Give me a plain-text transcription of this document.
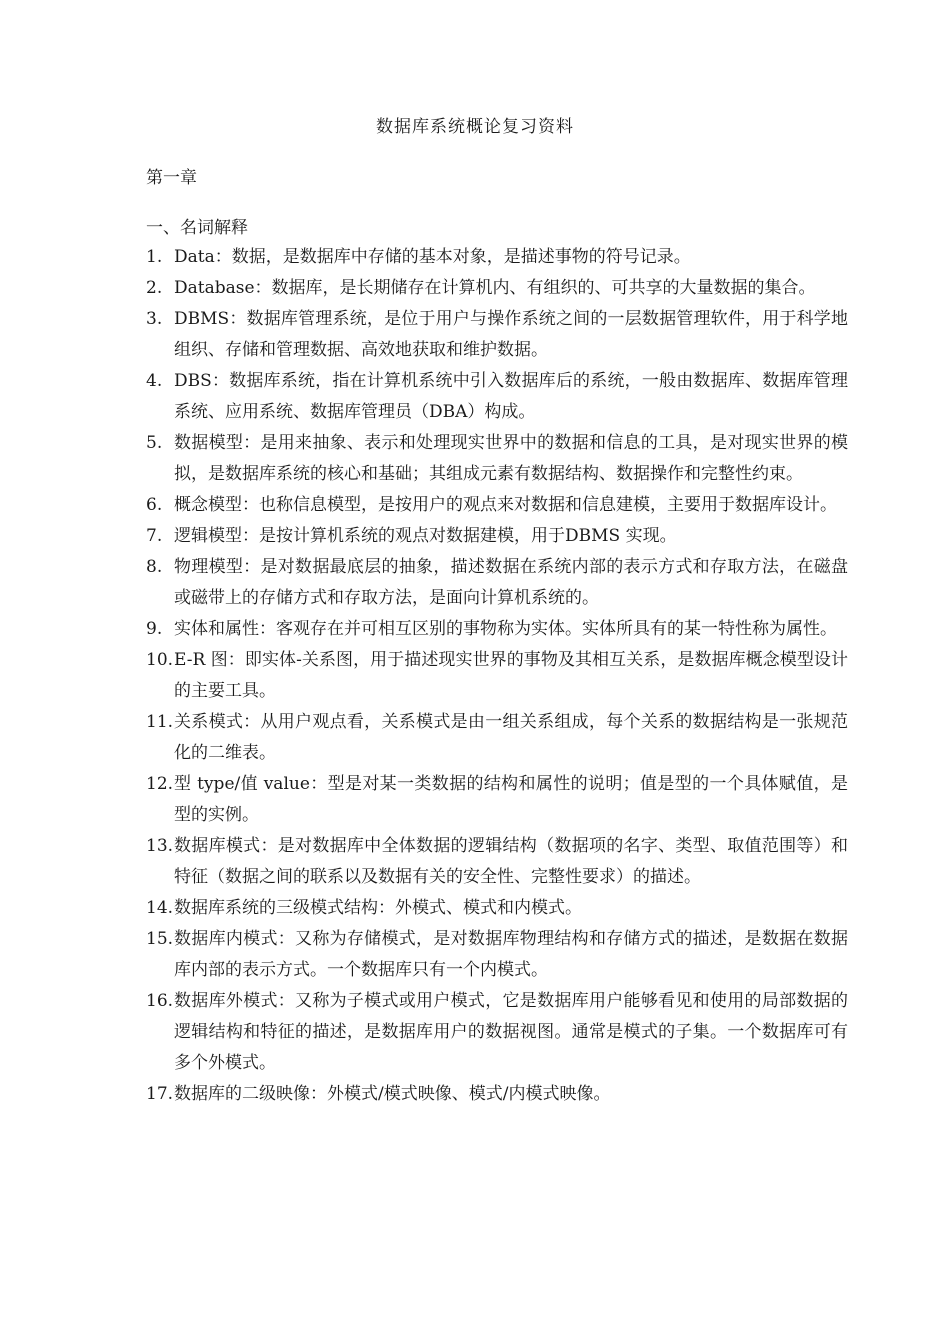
数据库系统概论复习资料
第一章
一、名词解释
1. Data：数据，是数据库中存储的基本对象，是描述事物的符号记录。
2. Database：数据库，是长期储存在计算机内、有组织的、可共享的大量数据的集合。
3. DBMS：数据库管理系统，是位于用户与操作系统之间的一层数据管理软件，用于科学地组织、存储和管理数据、高效地获取和维护数据。
4. DBS：数据库系统，指在计算机系统中引入数据库后的系统，一般由数据库、数据库管理系统、应用系统、数据库管理员（DBA）构成。
5. 数据模型：是用来抽象、表示和处理现实世界中的数据和信息的工具，是对现实世界的模拟，是数据库系统的核心和基础；其组成元素有数据结构、数据操作和完整性约束。
6. 概念模型：也称信息模型，是按用户的观点来对数据和信息建模，主要用于数据库设计。
7. 逻辑模型：是按计算机系统的观点对数据建模，用于DBMS 实现。
8. 物理模型：是对数据最底层的抽象，描述数据在系统内部的表示方式和存取方法，在磁盘或磁带上的存储方式和存取方法，是面向计算机系统的。
9. 实体和属性：客观存在并可相互区别的事物称为实体。实体所具有的某一特性称为属性。
10. E-R 图：即实体-关系图，用于描述现实世界的事物及其相互关系，是数据库概念模型设计的主要工具。
11. 关系模式：从用户观点看，关系模式是由一组关系组成，每个关系的数据结构是一张规范化的二维表。
12. 型 type/值 value：型是对某一类数据的结构和属性的说明；值是型的一个具体赋值，是型的实例。
13. 数据库模式：是对数据库中全体数据的逻辑结构（数据项的名字、类型、取值范围等）和特征（数据之间的联系以及数据有关的安全性、完整性要求）的描述。
14. 数据库系统的三级模式结构：外模式、模式和内模式。
15. 数据库内模式：又称为存储模式，是对数据库物理结构和存储方式的描述，是数据在数据库内部的表示方式。一个数据库只有一个内模式。
16. 数据库外模式：又称为子模式或用户模式，它是数据库用户能够看见和使用的局部数据的逻辑结构和特征的描述，是数据库用户的数据视图。通常是模式的子集。一个数据库可有多个外模式。
17. 数据库的二级映像：外模式/模式映像、模式/内模式映像。
